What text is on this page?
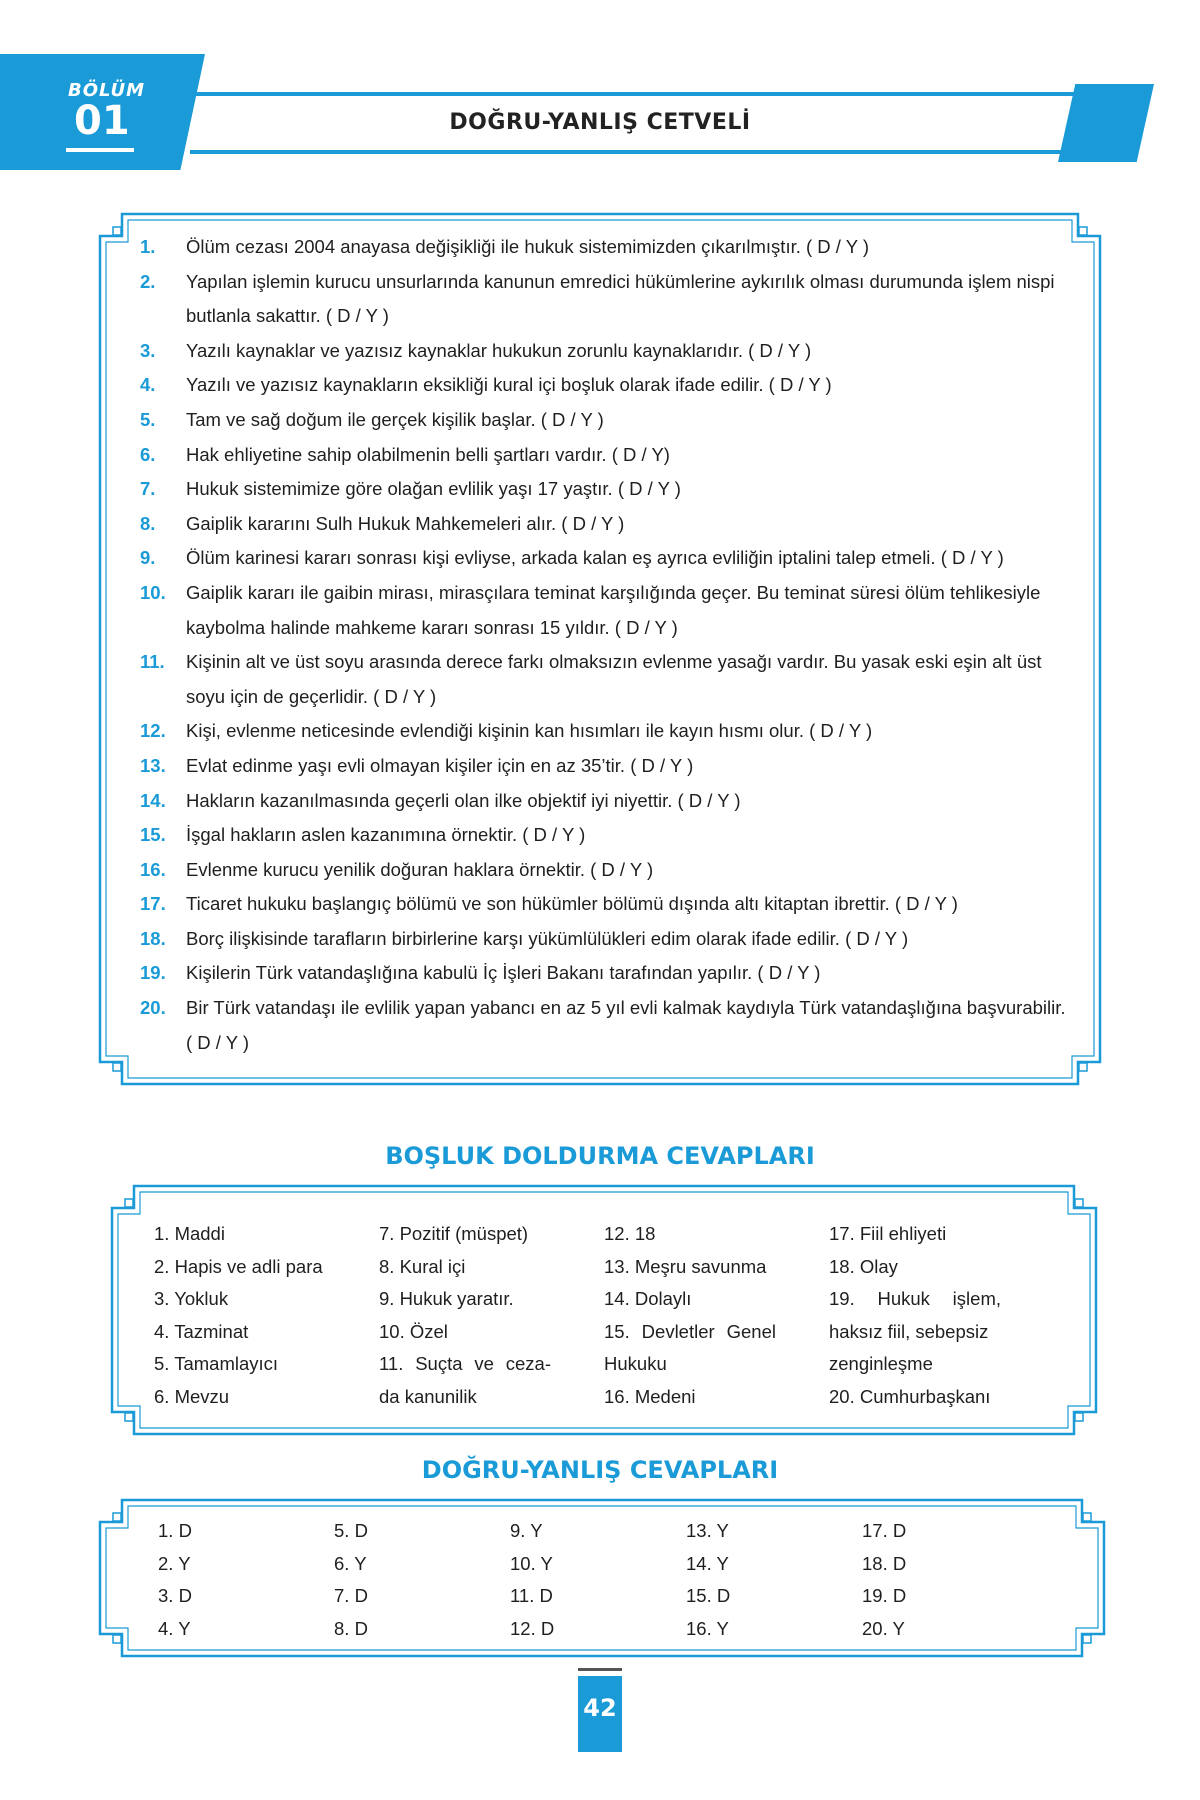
BÖLÜM
01	DOĞRU-YANLIŞ CETVELİ
1.	Ölüm cezası 2004 anayasa değişikliği ile hukuk sistemimizden çıkarılmıştır. ( D / Y )
2.	Yapılan işlemin kurucu unsurlarında kanunun emredici hükümlerine aykırılık olması durumunda işlem nispi butlanla sakattır. ( D / Y )
3.	Yazılı kaynaklar ve yazısız kaynaklar hukukun zorunlu kaynaklarıdır. ( D / Y )
4.	Yazılı ve yazısız kaynakların eksikliği kural içi boşluk olarak ifade edilir. ( D / Y )
5.	Tam ve sağ doğum ile gerçek kişilik başlar. ( D / Y )
6.	Hak ehliyetine sahip olabilmenin belli şartları vardır. ( D / Y)
7.	Hukuk sistemimize göre olağan evlilik yaşı 17 yaştır. ( D / Y )
8.	Gaiplik kararını Sulh Hukuk Mahkemeleri alır. ( D / Y )
9.	Ölüm karinesi kararı sonrası kişi evliyse, arkada kalan eş ayrıca evliliğin iptalini talep etmeli. ( D / Y )
10.	Gaiplik kararı ile gaibin mirası, mirasçılara teminat karşılığında geçer. Bu teminat süresi ölüm tehlikesiyle kaybolma halinde mahkeme kararı sonrası 15 yıldır. ( D / Y )
11.	Kişinin alt ve üst soyu arasında derece farkı olmaksızın evlenme yasağı vardır. Bu yasak eski eşin alt üst soyu için de geçerlidir. ( D / Y )
12.	Kişi, evlenme neticesinde evlendiği kişinin kan hısımları ile kayın hısmı olur. ( D / Y )
13.	Evlat edinme yaşı evli olmayan kişiler için en az 35’tir. ( D / Y )
14.	Hakların kazanılmasında geçerli olan ilke objektif iyi niyettir. ( D / Y )
15.	İşgal hakların aslen kazanımına örnektir. ( D / Y )
16.	Evlenme kurucu yenilik doğuran haklara örnektir. ( D / Y )
17.	Ticaret hukuku başlangıç bölümü ve son hükümler bölümü dışında altı kitaptan ibrettir. ( D / Y )
18.	Borç ilişkisinde tarafların birbirlerine karşı yükümlülükleri edim olarak ifade edilir. ( D / Y )
19.	Kişilerin Türk vatandaşlığına kabulü İç İşleri Bakanı tarafından yapılır. ( D / Y )
20.	Bir Türk vatandaşı ile evlilik yapan yabancı en az 5 yıl evli kalmak kaydıyla Türk vatandaşlığına başvurabilir. ( D / Y )
BOŞLUK DOLDURMA CEVAPLARI
1. Maddi
2. Hapis ve adli para
3. Yokluk
4. Tazminat
5. Tamamlayıcı
6. Mevzu
7. Pozitif (müspet)
8. Kural içi
9. Hukuk yaratır.
10. Özel
11. Suçta ve ceza-
da kanunilik
12. 18
13. Meşru savunma
14. Dolaylı
15. Devletler Genel
Hukuku
16. Medeni
17. Fiil ehliyeti
18. Olay
19. Hukuk işlem,
haksız fiil, sebepsiz
zenginleşme
20. Cumhurbaşkanı
DOĞRU-YANLIŞ CEVAPLARI
1. D
2. Y
3. D
4. Y
5. D
6. Y
7. D
8. D
9. Y
10. Y
11. D
12. D
13. Y
14. Y
15. D
16. Y
17. D
18. D
19. D
20. Y
42
